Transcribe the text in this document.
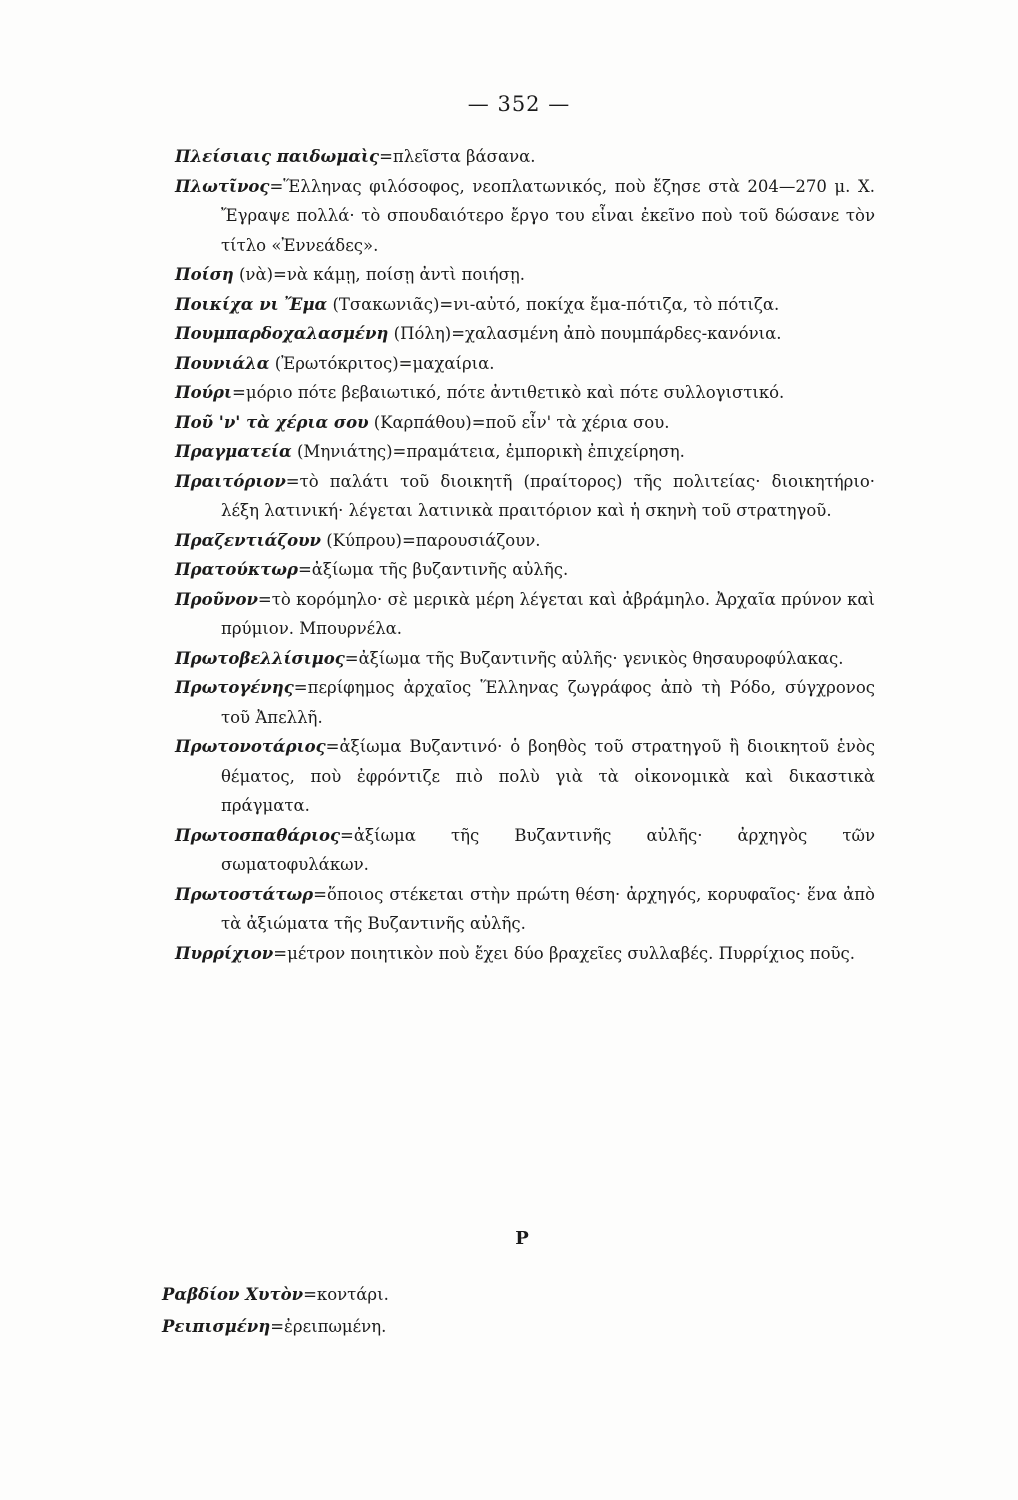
— 352 —

Πλείσιαις παιδωμαὶς=πλεῖστα βάσανα.

Πλωτῖνος=Ἕλληνας φιλόσοφος, νεοπλατωνικός, ποὺ ἔζησε στὰ 204—270 μ. Χ. Ἔγραψε πολλά· τὸ σπουδαιότερο ἔργο του εἶναι ἐκεῖνο ποὺ τοῦ δώσανε τὸν τίτλο «Ἐννεάδες».

Ποίση (νὰ)=νὰ κάμῃ, ποίσῃ ἀντὶ ποιήσῃ.

Ποικίχα νι Ἔμα (Τσακωνιᾶς)=νι-αὐτό, ποκίχα ἔμα-πότιζα, τὸ πότιζα.

Πουμπαρδοχαλασμένη (Πόλη)=χαλασμένη ἀπὸ πουμπάρδες-κανόνια.

Πουνιάλα (Ἐρωτόκριτος)=μαχαίρια.

Πούρι=μόριο πότε βεβαιωτικό, πότε ἀντιθετικὸ καὶ πότε συλλογιστικό.

Ποῦ 'ν' τὰ χέρια σου (Καρπάθου)=ποῦ εἶν' τὰ χέρια σου.

Πραγματεία (Μηνιάτης)=πραμάτεια, ἐμπορικὴ ἐπιχείρηση.

Πραιτόριον=τὸ παλάτι τοῦ διοικητῆ (πραίτορος) τῆς πολιτείας· διοικητήριο· λέξη λατινική· λέγεται λατινικὰ πραιτόριον καὶ ἡ σκηνὴ τοῦ στρατηγοῦ.

Πραζεντιάζουν (Κύπρου)=παρουσιάζουν.

Πρατούκτωρ=ἀξίωμα τῆς βυζαντινῆς αὐλῆς.

Προῦνον=τὸ κορόμηλο· σὲ μερικὰ μέρη λέγεται καὶ ἀβράμηλο. Ἀρχαῖα πρύνον καὶ πρύμιον. Μπουρνέλα.

Πρωτοβελλίσιμος=ἀξίωμα τῆς Βυζαντινῆς αὐλῆς· γενικὸς θησαυροφύλακας.

Πρωτογένης=περίφημος ἀρχαῖος Ἕλληνας ζωγράφος ἀπὸ τὴ Ρόδο, σύγχρονος τοῦ Ἀπελλῆ.

Πρωτονοτάριος=ἀξίωμα Βυζαντινό· ὁ βοηθὸς τοῦ στρατηγοῦ ἢ διοικητοῦ ἑνὸς θέματος, ποὺ ἐφρόντιζε πιὸ πολὺ γιὰ τὰ οἰκονομικὰ καὶ δικαστικὰ πράγματα.

Πρωτοσπαθάριος=ἀξίωμα τῆς Βυζαντινῆς αὐλῆς· ἀρχηγὸς τῶν σωματοφυλάκων.

Πρωτοστάτωρ=ὅποιος στέκεται στὴν πρώτη θέση· ἀρχηγός, κορυφαῖος· ἕνα ἀπὸ τὰ ἀξιώματα τῆς Βυζαντινῆς αὐλῆς.

Πυρρίχιον=μέτρον ποιητικὸν ποὺ ἔχει δύο βραχεῖες συλλαβές. Πυρρίχιος ποῦς.

Ρ

Ραβδίον Χυτὸν=κοντάρι.

Ρειπισμένη=ἐρειπωμένη.
